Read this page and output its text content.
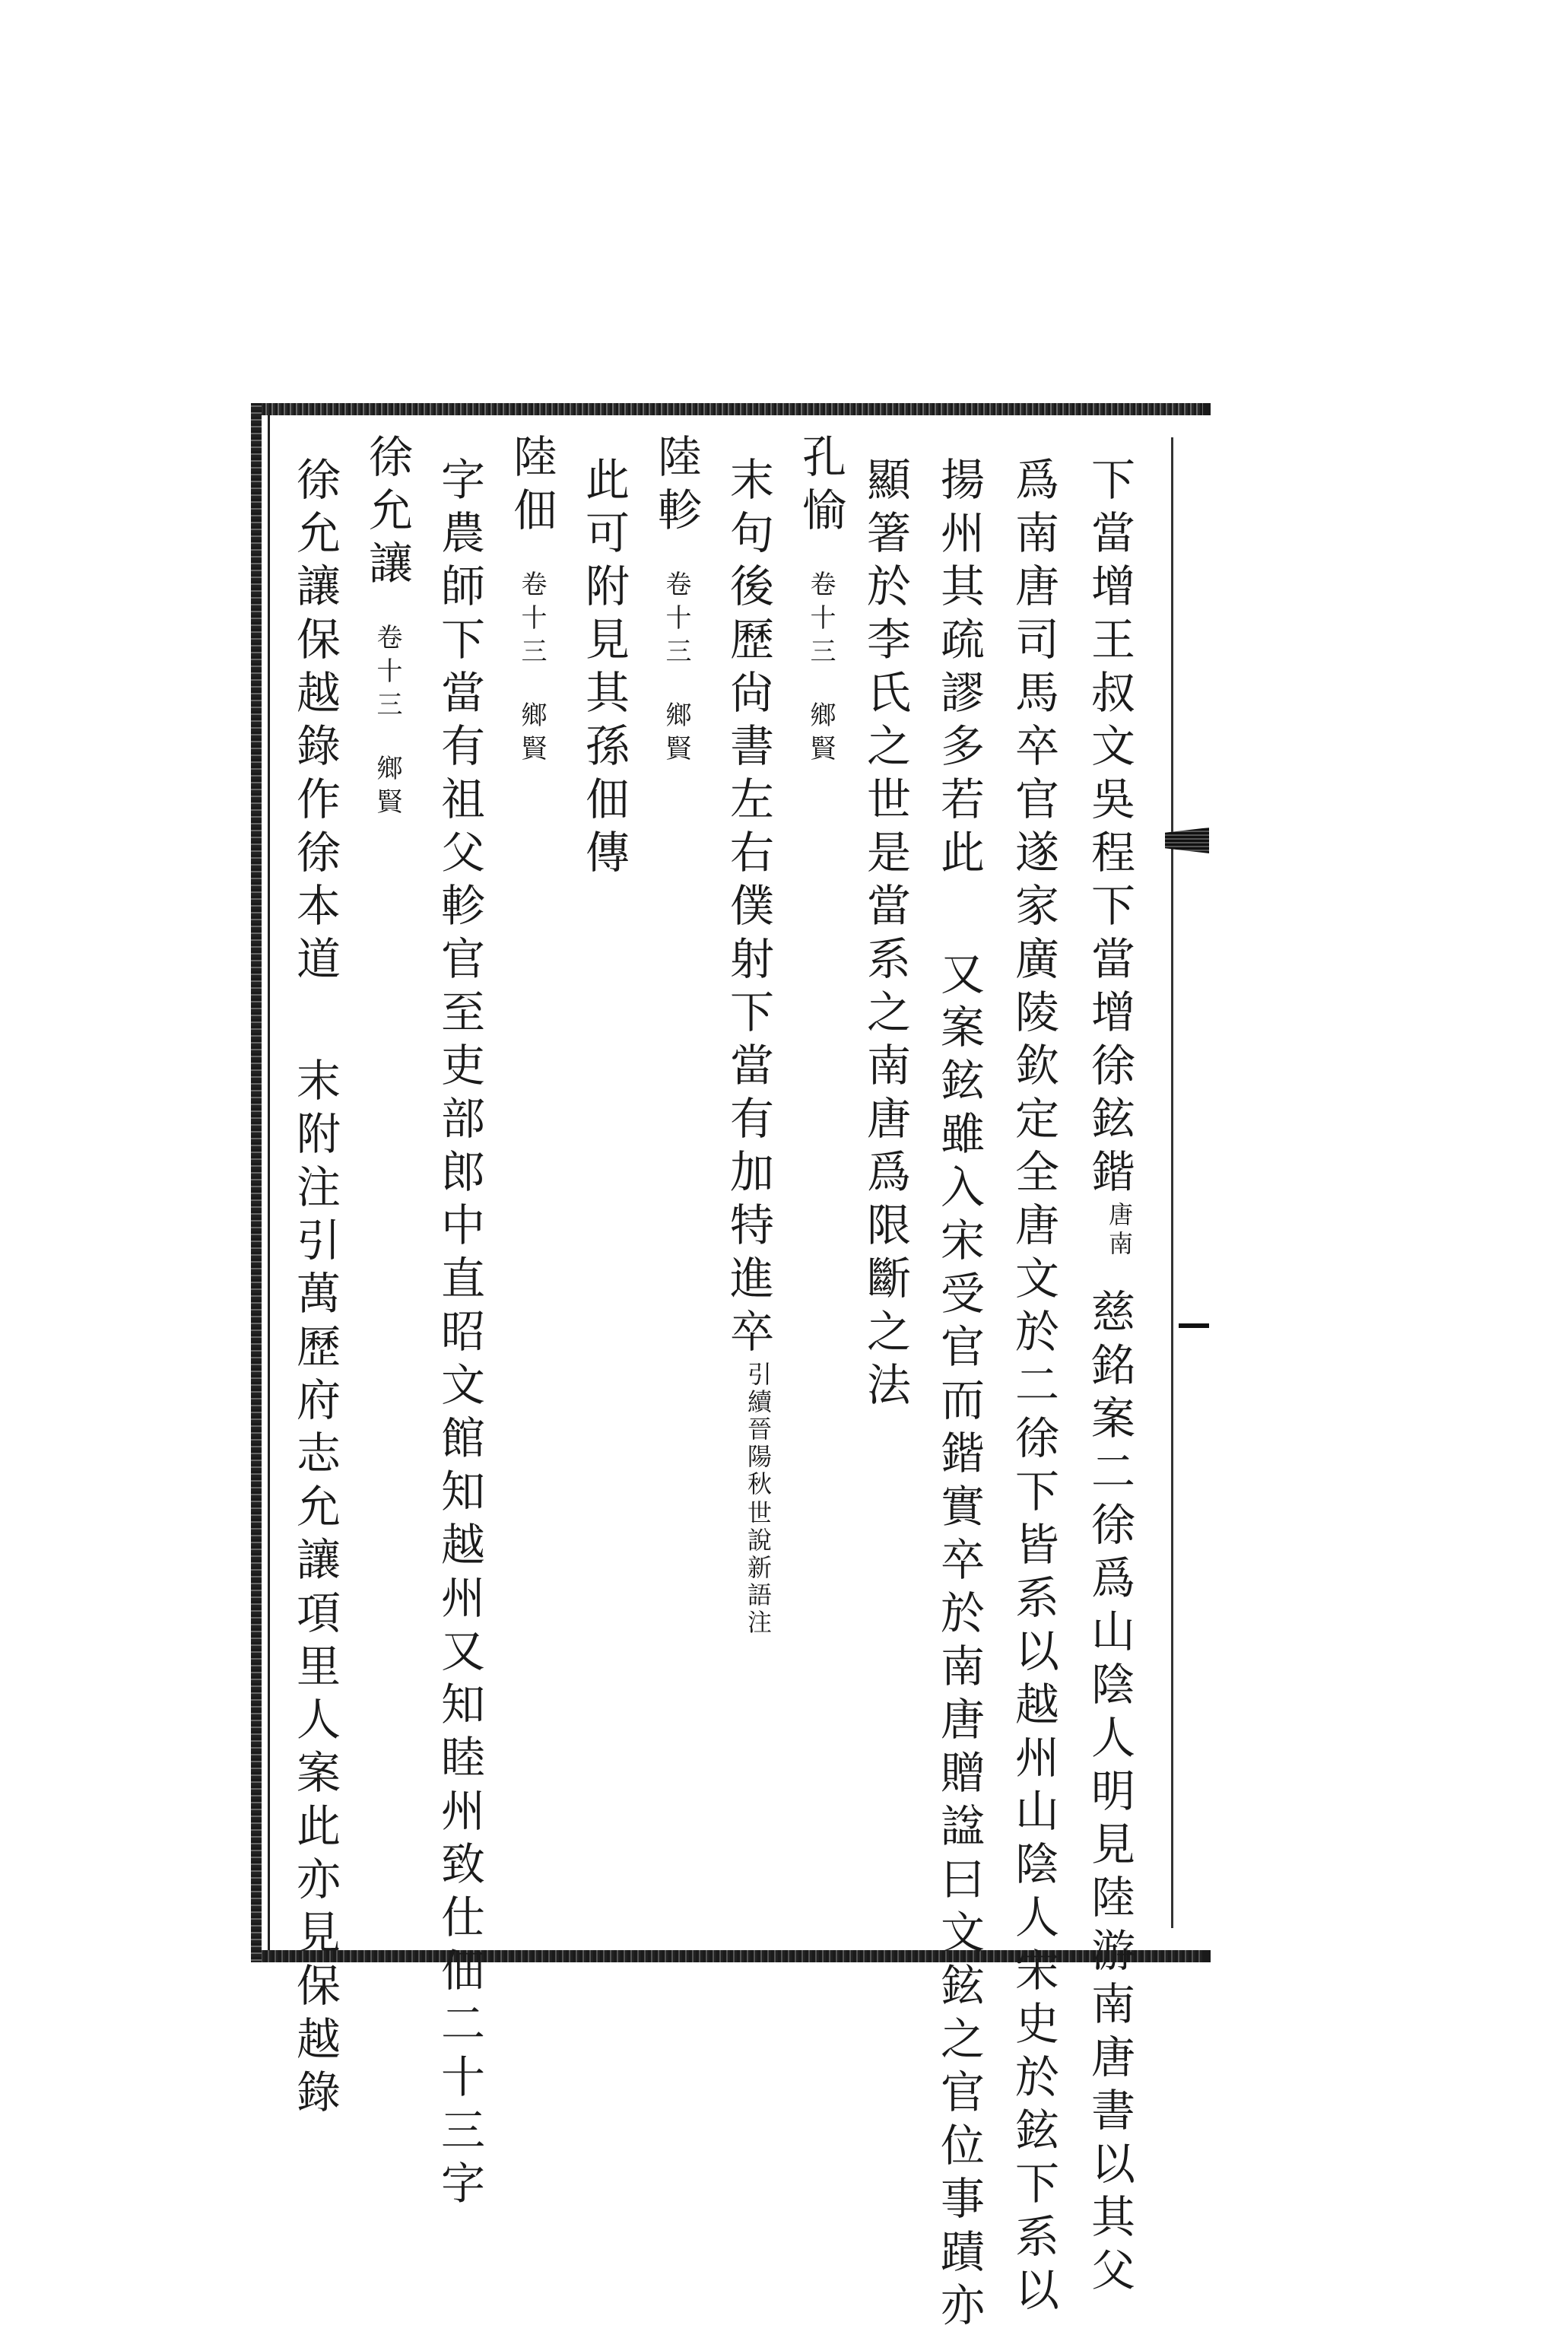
下當增王叔文吳程下當增徐鉉鍇
南
唐
慈銘案二徐爲山陰人明見陸游南唐書以其父
爲南唐司馬卒官遂家廣陵欽定全唐文於二徐下皆系以越州山陰人宋史於鉉下系以
揚州其疏謬多若此又案鉉雖入宋受官而鍇實卒於南唐贈諡曰文鉉之官位事蹟亦
顯箸於李氏之世是當系之南唐爲限斷之法
孔愉卷十三鄉賢
末句後歷尙書左右僕射下當有加特進卒
世說新語注
引續晉陽秋
陸軫卷十三鄉賢
此可附見其孫佃傳
陸佃卷十三鄉賢
字農師下當有祖父軫官至吏部郎中直昭文館知越州又知睦州致仕佃二十三字
徐允讓卷十三鄉賢
徐允讓保越錄作徐本道末附注引萬歷府志允讓項里人案此亦見保越錄
